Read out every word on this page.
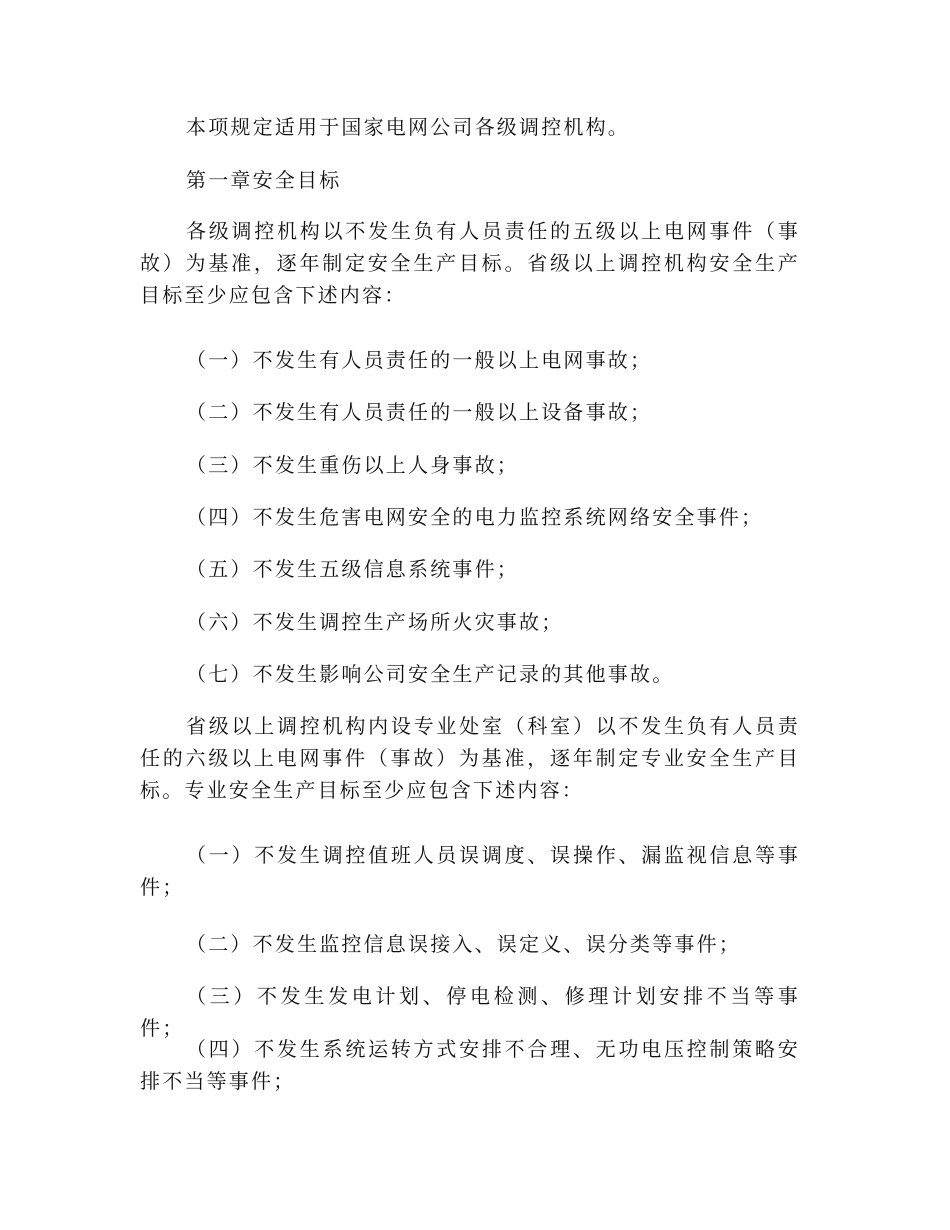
本项规定适用于国家电网公司各级调控机构。

第一章安全目标

各级调控机构以不发生负有人员责任的五级以上电网事件（事故）为基准，逐年制定安全生产目标。省级以上调控机构安全生产目标至少应包含下述内容：

（一）不发生有人员责任的一般以上电网事故；

（二）不发生有人员责任的一般以上设备事故；

（三）不发生重伤以上人身事故；

（四）不发生危害电网安全的电力监控系统网络安全事件；

（五）不发生五级信息系统事件；

（六）不发生调控生产场所火灾事故；

（七）不发生影响公司安全生产记录的其他事故。

省级以上调控机构内设专业处室（科室）以不发生负有人员责任的六级以上电网事件（事故）为基准，逐年制定专业安全生产目标。专业安全生产目标至少应包含下述内容：

（一）不发生调控值班人员误调度、误操作、漏监视信息等事件；

（二）不发生监控信息误接入、误定义、误分类等事件；

（三）不发生发电计划、停电检测、修理计划安排不当等事件；

（四）不发生系统运转方式安排不合理、无功电压控制策略安排不当等事件；
